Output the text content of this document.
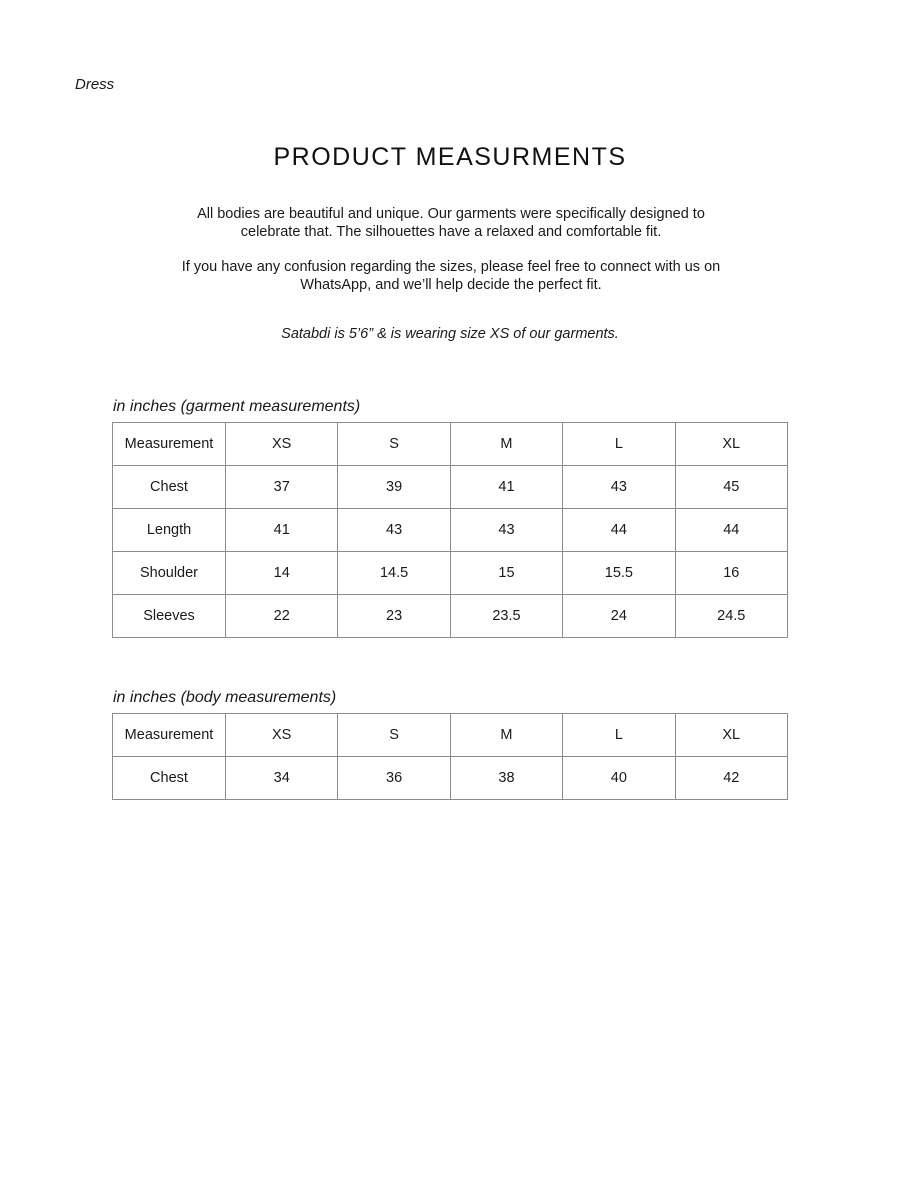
Dress
PRODUCT MEASURMENTS

All bodies are beautiful and unique. Our garments were specifically designed to celebrate that. The silhouettes have a relaxed and comfortable fit.

If you have any confusion regarding the sizes, please feel free to connect with us on WhatsApp, and we’ll help decide the perfect fit.

Satabdi is 5’6” & is wearing size XS of our garments.

in inches (garment measurements)
Measurement	XS	S	M	L	XL
Chest	37	39	41	43	45
Length	41	43	43	44	44
Shoulder	14	14.5	15	15.5	16
Sleeves	22	23	23.5	24	24.5
in inches (body measurements)
Measurement	XS	S	M	L	XL
Chest	34	36	38	40	42
